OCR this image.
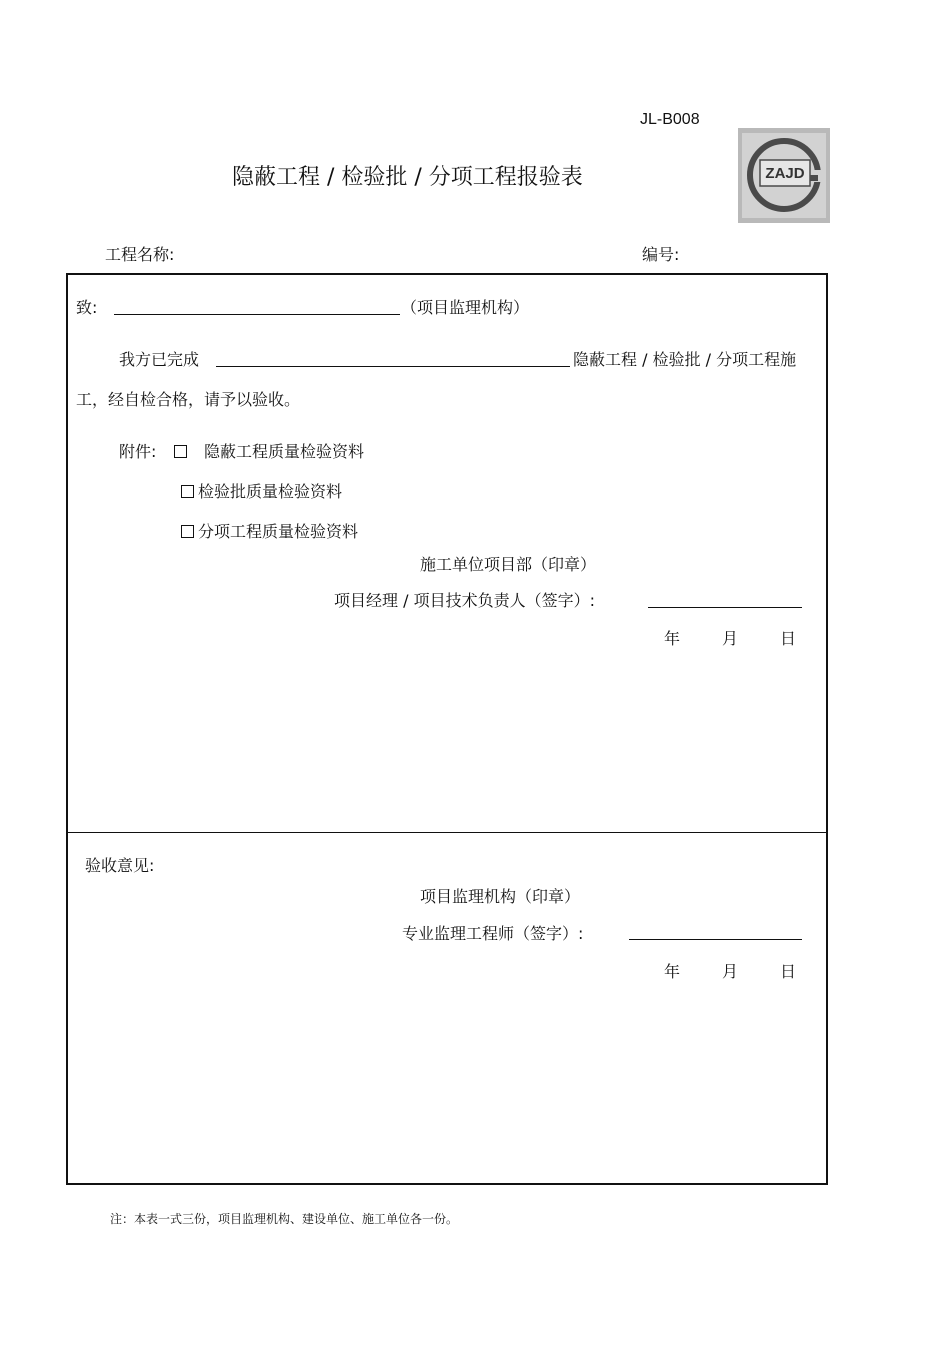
JL-B008
ZAJD
隐蔽工程 / 检验批 / 分项工程报验表
工程名称:	编号:
致:	（项目监理机构）
我方已完成	隐蔽工程 / 检验批 / 分项工程施
工，经自检合格，请予以验收。
附件:	隐蔽工程质量检验资料
检验批质量检验资料
分项工程质量检验资料
施工单位项目部（印章）
项目经理 / 项目技术负责人（签字）:
年	月	日
验收意见:
项目监理机构（印章）
专业监理工程师（签字）:
年	月	日
注：本表一式三份，项目监理机构、建设单位、施工单位各一份。
